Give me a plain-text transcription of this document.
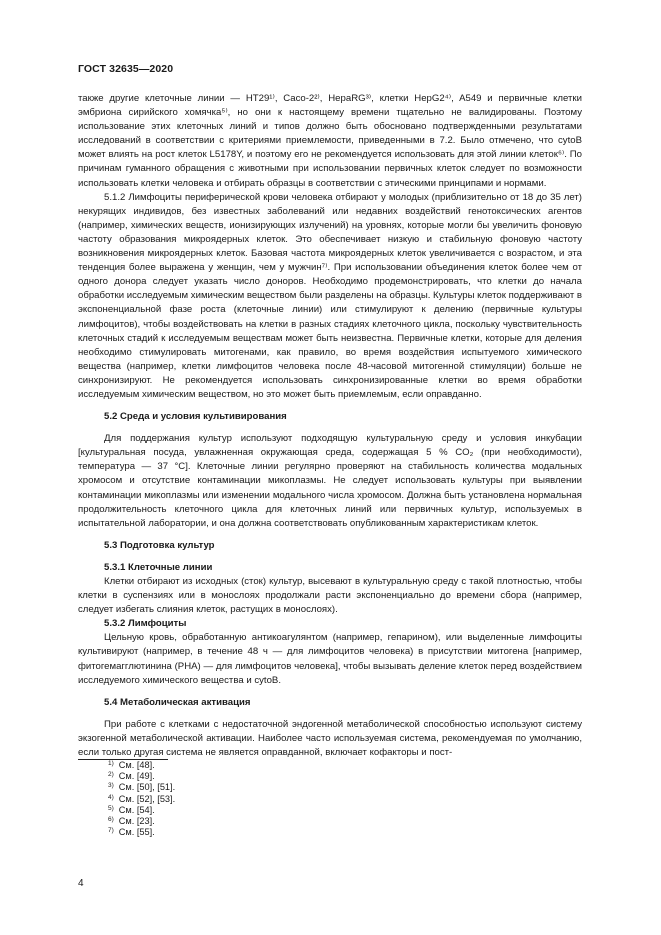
ГОСТ 32635—2020

также другие клеточные линии — HT29¹⁾, Caco-2²⁾, HepaRG³⁾, клетки HepG2⁴⁾, A549 и первичные клетки эмбриона сирийского хомячка⁵⁾, но они к настоящему времени тщательно не валидированы. Поэтому использование этих клеточных линий и типов должно быть обосновано подтвержденными результатами исследований в соответствии с критериями приемлемости, приведенными в 7.2. Было отмечено, что cytoB может влиять на рост клеток L5178Y, и поэтому его не рекомендуется использовать для этой линии клеток⁶⁾. По причинам гуманного обращения с животными при использовании первичных клеток следует по возможности использовать клетки человека и отбирать образцы в соответствии с этическими принципами и нормами.

5.1.2 Лимфоциты периферической крови человека отбирают у молодых (приблизительно от 18 до 35 лет) некурящих индивидов, без известных заболеваний или недавних воздействий генотоксических агентов (например, химических веществ, ионизирующих излучений) на уровнях, которые могли бы увеличить фоновую частоту образования микроядерных клеток. Это обеспечивает низкую и стабильную фоновую частоту возникновения микроядерных клеток. Базовая частота микроядерных клеток увеличивается с возрастом, и эта тенденция более выражена у женщин, чем у мужчин⁷⁾. При использовании объединения клеток более чем от одного донора следует указать число доноров. Необходимо продемонстрировать, что клетки до начала обработки исследуемым химическим веществом были разделены на образцы. Культуры клеток поддерживают в экспоненциальной фазе роста (клеточные линии) или стимулируют к делению (первичные культуры лимфоцитов), чтобы воздействовать на клетки в разных стадиях клеточного цикла, поскольку чувствительность клеточных стадий к исследуемым веществам может быть неизвестна. Первичные клетки, которые для деления необходимо стимулировать митогенами, как правило, во время воздействия испытуемого химического вещества (например, клетки лимфоцитов человека после 48-часовой митогенной стимуляции) больше не синхронизируют. Не рекомендуется использовать синхронизированные клетки во время обработки исследуемым химическим веществом, но это может быть приемлемым, если оправданно.

5.2 Среда и условия культивирования

Для поддержания культур используют подходящую культуральную среду и условия инкубации [культуральная посуда, увлажненная окружающая среда, содержащая 5 % CO₂ (при необходимости), температура — 37 °C]. Клеточные линии регулярно проверяют на стабильность количества модальных хромосом и отсутствие контаминации микоплазмы. Не следует использовать культуры при выявлении контаминации микоплазмы или изменении модального числа хромосом. Должна быть установлена нормальная продолжительность клеточного цикла для клеточных линий или первичных культур, используемых в испытательной лаборатории, и она должна соответствовать опубликованным характеристикам клеток.

5.3 Подготовка культур

5.3.1 Клеточные линии

Клетки отбирают из исходных (сток) культур, высевают в культуральную среду с такой плотностью, чтобы клетки в суспензиях или в монослоях продолжали расти экспоненциально до времени сбора (например, следует избегать слияния клеток, растущих в монослоях).

5.3.2 Лимфоциты

Цельную кровь, обработанную антикоагулянтом (например, гепарином), или выделенные лимфоциты культивируют (например, в течение 48 ч — для лимфоцитов человека) в присутствии митогена [например, фитогемагглютинина (PHA) — для лимфоцитов человека], чтобы вызывать деление клеток перед воздействием исследуемого химического вещества и cytoB.

5.4 Метаболическая активация

При работе с клетками с недостаточной эндогенной метаболической способностью используют систему экзогенной метаболической активации. Наиболее часто используемая система, рекомендуемая по умолчанию, если только другая система не является оправданной, включает кофакторы и пост-

$^{1)}$ См. [48].
$^{2)}$ См. [49].
$^{3)}$ См. [50], [51].
$^{4)}$ См. [52], [53].
$^{5)}$ См. [54].
$^{6)}$ См. [23].
$^{7)}$ См. [55].
4
